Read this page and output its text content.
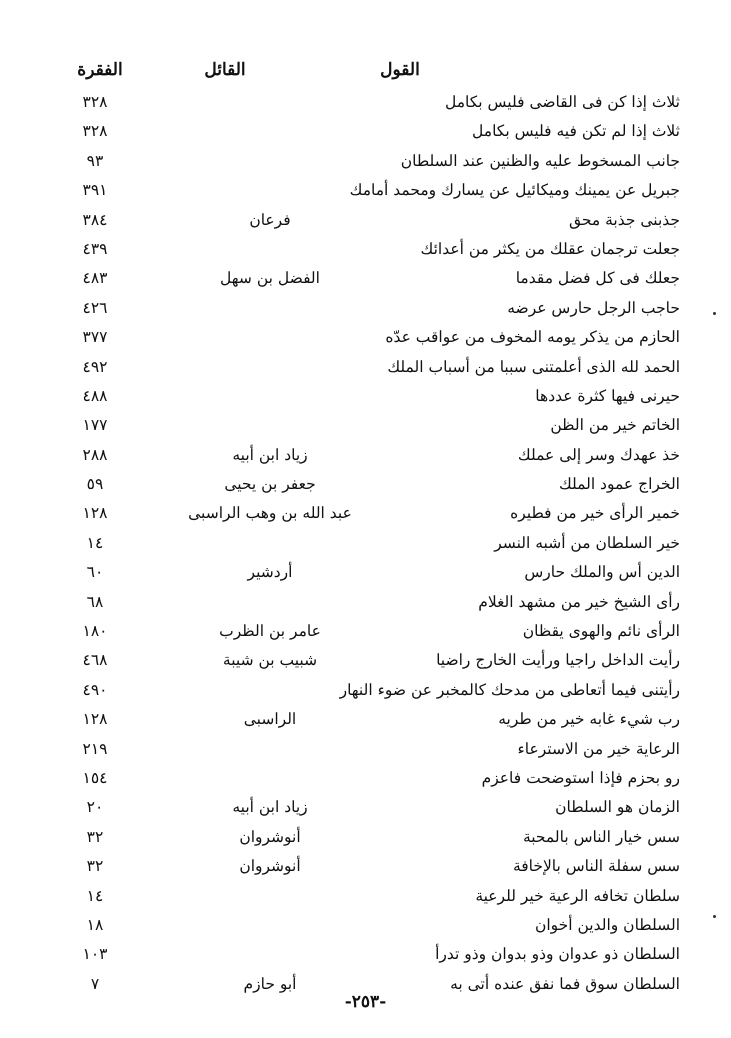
القول
القائل
الفقرة
ثلاث إذا كن فى القاضى فليس بكامل
٣٢٨
ثلاث إذا لم تكن فيه فليس بكامل
٣٢٨
جانب المسخوط عليه والظنين عند السلطان
٩٣
جبريل عن يمينك وميكائيل عن يسارك ومحمد أمامك
٣٩١
جذبنى جذبة محق
فرعان
٣٨٤
جعلت ترجمان عقلك من يكثر من أعدائك
٤٣٩
جعلك فى كل فضل مقدما
الفضل بن سهل
٤٨٣
حاجب الرجل حارس عرضه
٤٢٦
الحازم من يذكر يومه المخوف من عواقب عدّه
٣٧٧
الحمد لله الذى أعلمتنى سببا من أسباب الملك
٤٩٢
حيرنى فيها كثرة عددها
٤٨٨
الخاتم خير من الظن
١٧٧
خذ عهدك وسر إلى عملك
زياد ابن أبيه
٢٨٨
الخراج عمود الملك
جعفر بن يحيى
٥٩
خمير الرأى خير من فطيره
عبد الله بن وهب الراسبى
١٢٨
خير السلطان من أشبه النسر
١٤
الدين أس والملك حارس
أردشير
٦٠
رأى الشيخ خير من مشهد الغلام
٦٨
الرأى نائم والهوى يقظان
عامر بن الظرب
١٨٠
رأيت الداخل راجيا ورأيت الخارج راضيا
شبيب بن شيبة
٤٦٨
رأيتنى فيما أتعاطى من مدحك كالمخبر عن ضوء النهار
٤٩٠
رب شيء غابه خير من طريه
الراسبى
١٢٨
الرعاية خير من الاسترعاء
٢١٩
رو بحزم فإذا استوضحت فاعزم
١٥٤
الزمان هو السلطان
زياد ابن أبيه
٢٠
سس خيار الناس بالمحبة
أنوشروان
٣٢
سس سفلة الناس بالإخافة
أنوشروان
٣٢
سلطان تخافه الرعية خير للرعية
١٤
السلطان والدين أخوان
١٨
السلطان ذو عدوان وذو بدوان وذو تدرأ
١٠٣
السلطان سوق فما نفق عنده أتى به
أبو حازم
٧
-٢٥٣-
